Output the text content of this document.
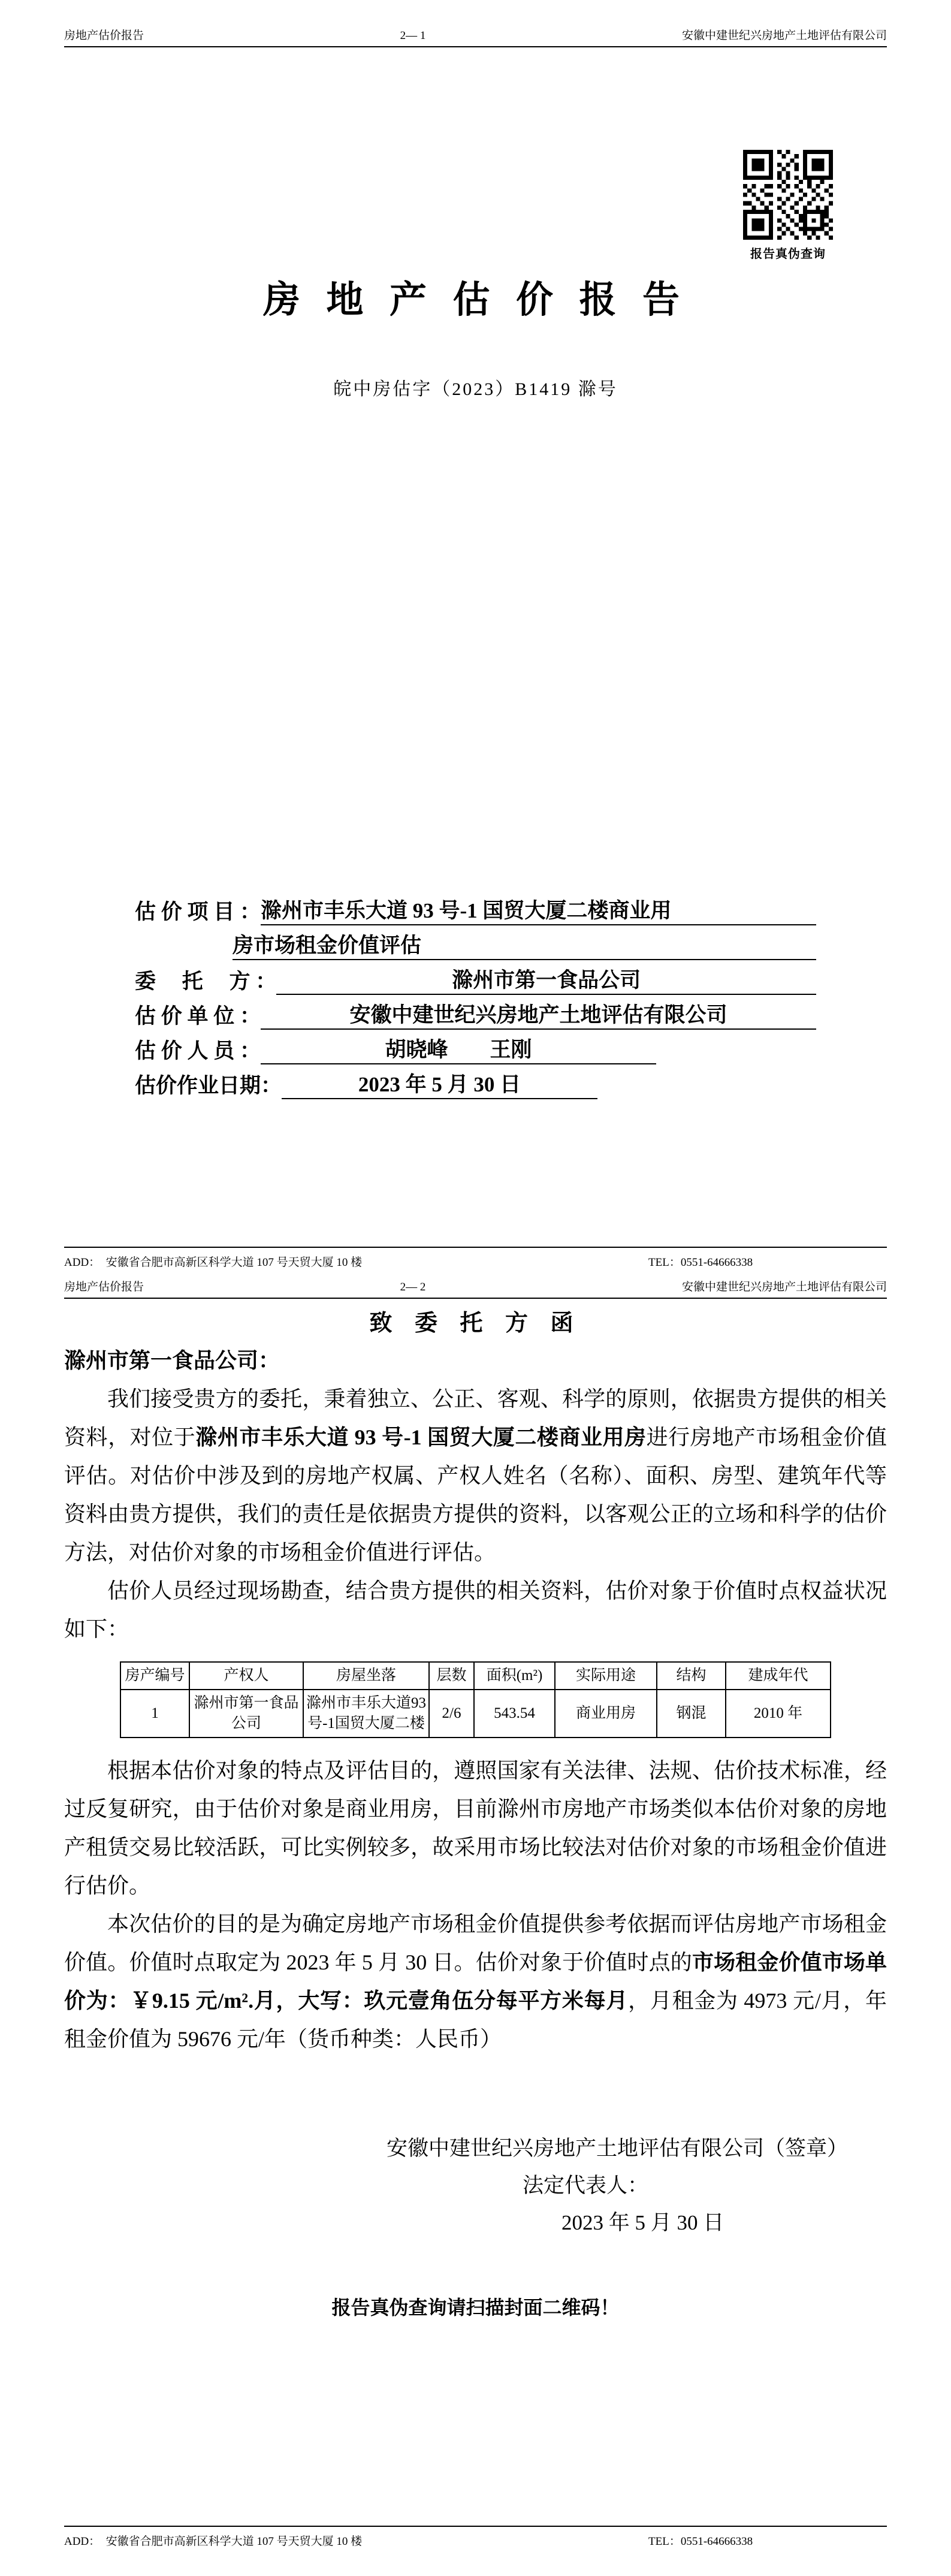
房地产估价报告	2— 1	安徽中建世纪兴房地产土地评估有限公司
报告真伪查询
房 地 产 估 价 报 告
皖中房估字（2023）B1419 滁号
估 价 项 目 ： 滁州市丰乐大道 93 号-1 国贸大厦二楼商业用
房市场租金价值评估
委　 托　 方 ：	滁州市第一食品公司
估 价 单 位 ：	安徽中建世纪兴房地产土地评估有限公司
估 价 人 员 ：	胡晓峰　　王刚
估价作业日期：	2023 年 5 月 30 日
ADD：  安徽省合肥市高新区科学大道 107 号天贸大厦 10 楼	TEL：0551-64666338
房地产估价报告	2— 2	安徽中建世纪兴房地产土地评估有限公司
致 委 托 方 函
滁州市第一食品公司：

我们接受贵方的委托，秉着独立、公正、客观、科学的原则，依据贵方提供的相关资料，对位于滁州市丰乐大道 93 号-1 国贸大厦二楼商业用房进行房地产市场租金价值评估。对估价中涉及到的房地产权属、产权人姓名（名称）、面积、房型、建筑年代等资料由贵方提供，我们的责任是依据贵方提供的资料，以客观公正的立场和科学的估价方法，对估价对象的市场租金价值进行评估。

估价人员经过现场勘查，结合贵方提供的相关资料，估价对象于价值时点权益状况如下：

房产编号	产权人	房屋坐落	层数	面积(m²)	实际用途	结构	建成年代
1	滁州市第一食品公司	滁州市丰乐大道93号-1国贸大厦二楼	2/6	543.54	商业用房	钢混	2010 年

根据本估价对象的特点及评估目的，遵照国家有关法律、法规、估价技术标准，经过反复研究，由于估价对象是商业用房，目前滁州市房地产市场类似本估价对象的房地产租赁交易比较活跃，可比实例较多，故采用市场比较法对估价对象的市场租金价值进行估价。

本次估价的目的是为确定房地产市场租金价值提供参考依据而评估房地产市场租金价值。价值时点取定为 2023 年 5 月 30 日。估价对象于价值时点的市场租金价值市场单价为：￥9.15 元/m².月，大写：玖元壹角伍分每平方米每月，月租金为 4973 元/月，年租金价值为 59676 元/年（货币种类：人民币）

安徽中建世纪兴房地产土地评估有限公司（签章）
法定代表人：
2023 年 5 月 30 日
报告真伪查询请扫描封面二维码！
ADD：  安徽省合肥市高新区科学大道 107 号天贸大厦 10 楼	TEL：0551-64666338
